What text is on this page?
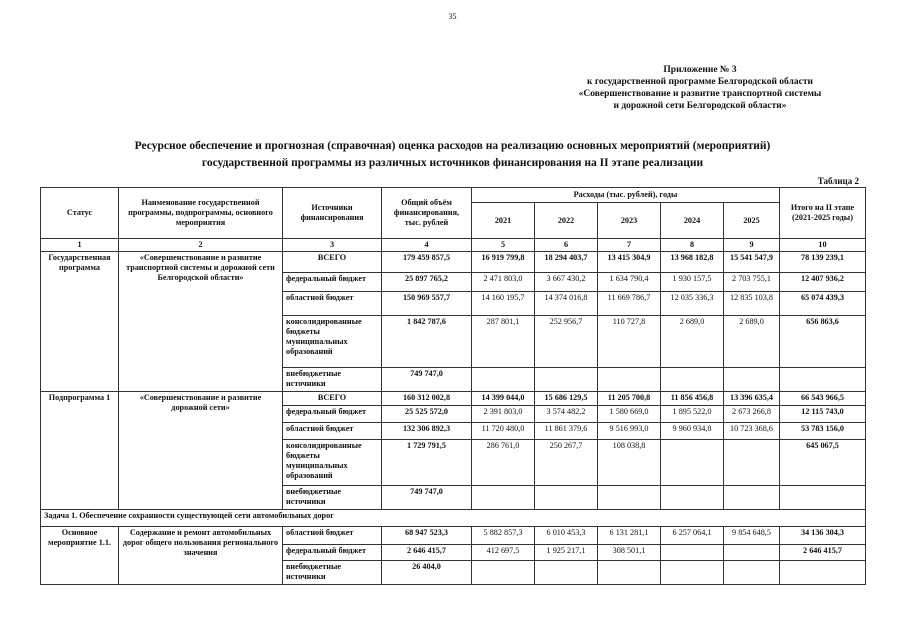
35
Приложение № 3
к государственной программе Белгородской области
«Совершенствование и развитие транспортной системы
и дорожной сети Белгородской области»
Ресурсное обеспечение и прогнозная (справочная) оценка расходов на реализацию основных мероприятий (мероприятий)
государственной программы из различных источников финансирования на II этапе реализации
Таблица 2
Статус	Наименование государственной программы, подпрограммы, основного мероприятия	Источники финансирования	Общий объём финансирования, тыс. рублей	Расходы (тыс. рублей), годы					Итого на II этапе (2021-2025 годы)
				2021	2022	2023	2024	2025	
1	2	3	4	5	6	7	8	9	10
Государственная программа	«Совершенствование и развитие транспортной системы и дорожной сети Белгородской области»	ВСЕГО	179 459 857,5	16 919 799,8	18 294 403,7	13 415 304,9	13 968 182,8	15 541 547,9	78 139 239,1
		федеральный бюджет	25 897 765,2	2 471 803,0	3 667 430,2	1 634 790,4	1 930 157,5	2 703 755,1	12 407 936,2
		областной бюджет	150 969 557,7	14 160 195,7	14 374 016,8	11 669 786,7	12 035 336,3	12 835 103,8	65 074 439,3
		консолидированные бюджеты муниципальных образований	1 842 787,6	287 801,1	252 956,7	110 727,8	2 689,0	2 689,0	656 863,6
		внебюджетные источники	749 747,0						
Подпрограмма 1	«Совершенствование и развитие дорожной сети»	ВСЕГО	160 312 002,8	14 399 044,0	15 686 129,5	11 205 700,8	11 856 456,8	13 396 635,4	66 543 966,5
		федеральный бюджет	25 525 572,0	2 391 803,0	3 574 482,2	1 580 669,0	1 895 522,0	2 673 266,8	12 115 743,0
		областной бюджет	132 306 892,3	11 720 480,0	11 861 379,6	9 516 993,0	9 960 934,8	10 723 368,6	53 783 156,0
		консолидированные бюджеты муниципальных образований	1 729 791,5	286 761,0	250 267,7	108 038,8			645 067,5
		внебюджетные источники	749 747,0						
Задача 1. Обеспечение сохранности существующей сети автомобильных дорог									
Основное мероприятие 1.1.	Содержание и ремонт автомобильных дорог общего пользования регионального значения	областной бюджет	68 947 523,3	5 882 857,3	6 010 453,3	6 131 281,1	6 257 064,1	9 854 648,5	34 136 304,3
		федеральный бюджет	2 646 415,7	412 697,5	1 925 217,1	308 501,1			2 646 415,7
		внебюджетные источники	26 404,0						
